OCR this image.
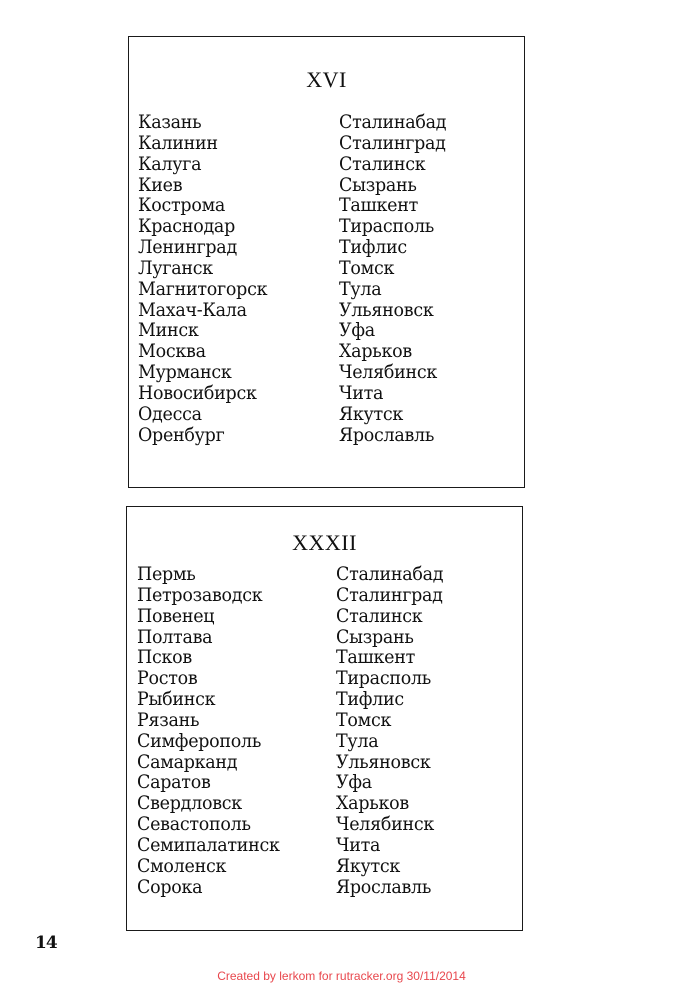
XVI
Казань
Калинин
Калуга
Киев
Кострома
Краснодар
Ленинград
Луганск
Магнитогорск
Махач-Кала
Минск
Москва
Мурманск
Новосибирск
Одесса
Оренбург
Сталинабад
Сталинград
Сталинск
Сызрань
Ташкент
Тирасполь
Тифлис
Томск
Тула
Ульяновск
Уфа
Харьков
Челябинск
Чита
Якутск
Ярославль
XXXII
Пермь
Петрозаводск
Повенец
Полтава
Псков
Ростов
Рыбинск
Рязань
Симферополь
Самарканд
Саратов
Свердловск
Севастополь
Семипалатинск
Смоленск
Сорока
Сталинабад
Сталинград
Сталинск
Сызрань
Ташкент
Тирасполь
Тифлис
Томск
Тула
Ульяновск
Уфа
Харьков
Челябинск
Чита
Якутск
Ярославль
14
Created by lerkom for rutracker.org 30/11/2014
